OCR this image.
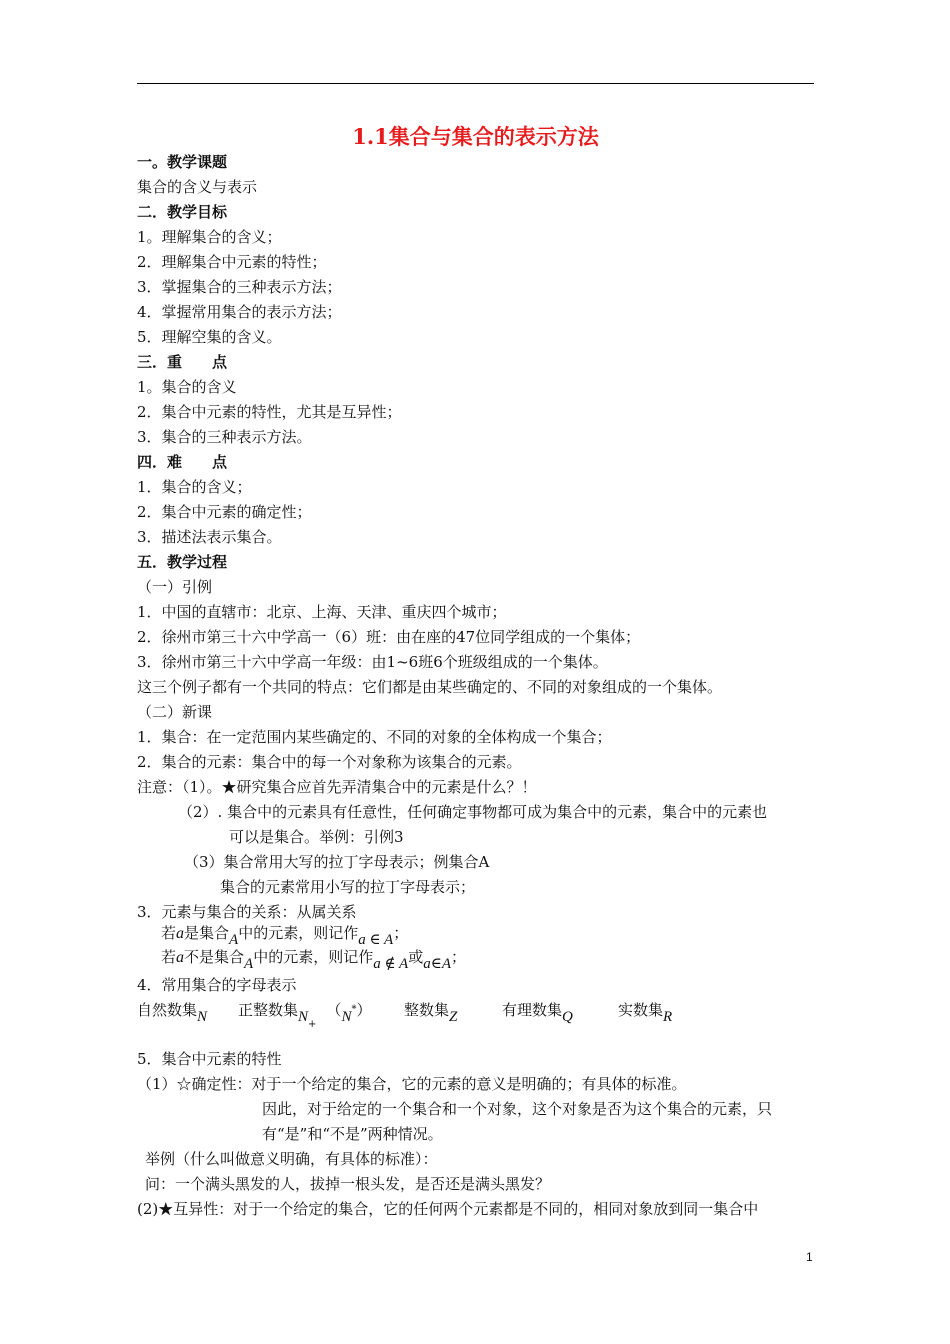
1.1集合与集合的表示方法
一。教学课题
集合的含义与表示
二．教学目标
1。理解集合的含义；
2．理解集合中元素的特性；
3．掌握集合的三种表示方法；
4．掌握常用集合的表示方法；
5．理解空集的含义。
三．重　　点
1。集合的含义
2．集合中元素的特性，尤其是互异性；
3．集合的三种表示方法。
四．难　　点
1．集合的含义；
2．集合中元素的确定性；
3．描述法表示集合。
五．教学过程
（一）引例
1．中国的直辖市：北京、上海、天津、重庆四个城市；
2．徐州市第三十六中学高一（6）班：由在座的47位同学组成的一个集体；
3．徐州市第三十六中学高一年级：由1~6班6个班级组成的一个集体。
这三个例子都有一个共同的特点：它们都是由某些确定的、不同的对象组成的一个集体。
（二）新课
1．集合：在一定范围内某些确定的、不同的对象的全体构成一个集合；
2．集合的元素：集合中的每一个对象称为该集合的元素。
注意：（1）。★研究集合应首先弄清集合中的元素是什么？！
（2）. 集合中的元素具有任意性，任何确定事物都可成为集合中的元素，集合中的元素也
可以是集合。举例：引例3
（3）集合常用大写的拉丁字母表示；例集合A
集合的元素常用小写的拉丁字母表示；
3．元素与集合的关系：从属关系
若a是集合A中的元素，则记作a ∈ A；
若a不是集合A中的元素，则记作a ∉ A或a∈A；
4．常用集合的字母表示
自然数集N 正整数集$N_+(N^*)$ 整数集Z	有理数集Q	实数集R
5．集合中元素的特性
（1）☆确定性：对于一个给定的集合，它的元素的意义是明确的；有具体的标准。
因此，对于给定的一个集合和一个对象，这个对象是否为这个集合的元素，只
有“是”和“不是”两种情况。
举例（什么叫做意义明确，有具体的标准）：
问：一个满头黑发的人，拔掉一根头发，是否还是满头黑发？
(2)★互异性：对于一个给定的集合，它的任何两个元素都是不同的，相同对象放到同一集合中
1
